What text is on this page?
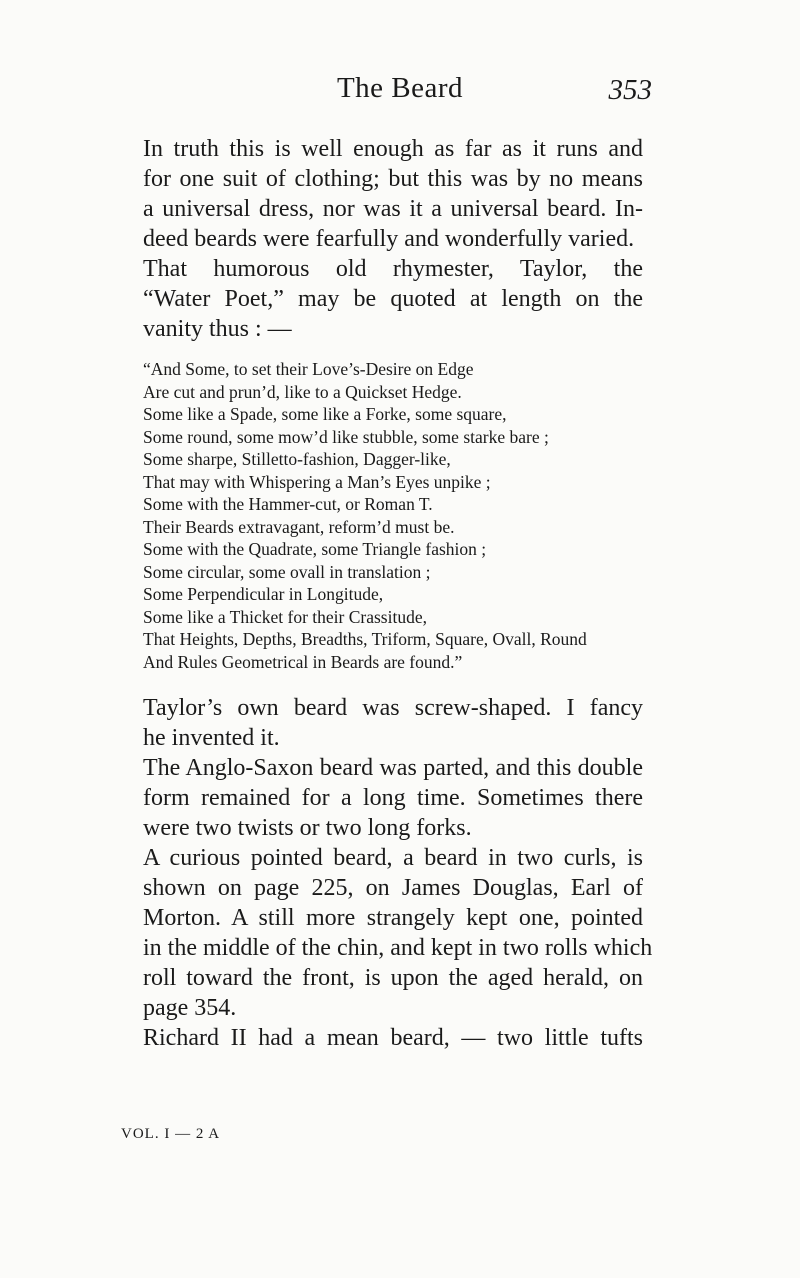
The Beard	353

In truth this is well enough as far as it runs and
for one suit of clothing; but this was by no means
a universal dress, nor was it a universal beard. In-
deed beards were fearfully and wonderfully varied.

That humorous old rhymester, Taylor, the
“Water Poet,” may be quoted at length on the
vanity thus : —

“And Some, to set their Love’s-Desire on Edge
Are cut and prun’d, like to a Quickset Hedge.
Some like a Spade, some like a Forke, some square,
Some round, some mow’d like stubble, some starke bare ;
Some sharpe, Stilletto-fashion, Dagger-like,
That may with Whispering a Man’s Eyes unpike ;
Some with the Hammer-cut, or Roman T.
Their Beards extravagant, reform’d must be.
Some with the Quadrate, some Triangle fashion ;
Some circular, some ovall in translation ;
Some Perpendicular in Longitude,
Some like a Thicket for their Crassitude,
That Heights, Depths, Breadths, Triform, Square, Ovall, Round
And Rules Geometrical in Beards are found.”

Taylor’s own beard was screw-shaped. I fancy
he invented it.

The Anglo-Saxon beard was parted, and this double
form remained for a long time. Sometimes there
were two twists or two long forks.

A curious pointed beard, a beard in two curls, is
shown on page 225, on James Douglas, Earl of
Morton. A still more strangely kept one, pointed
in the middle of the chin, and kept in two rolls which
roll toward the front, is upon the aged herald, on
page 354.

Richard II had a mean beard, — two little tufts

VOL. I — 2 A
